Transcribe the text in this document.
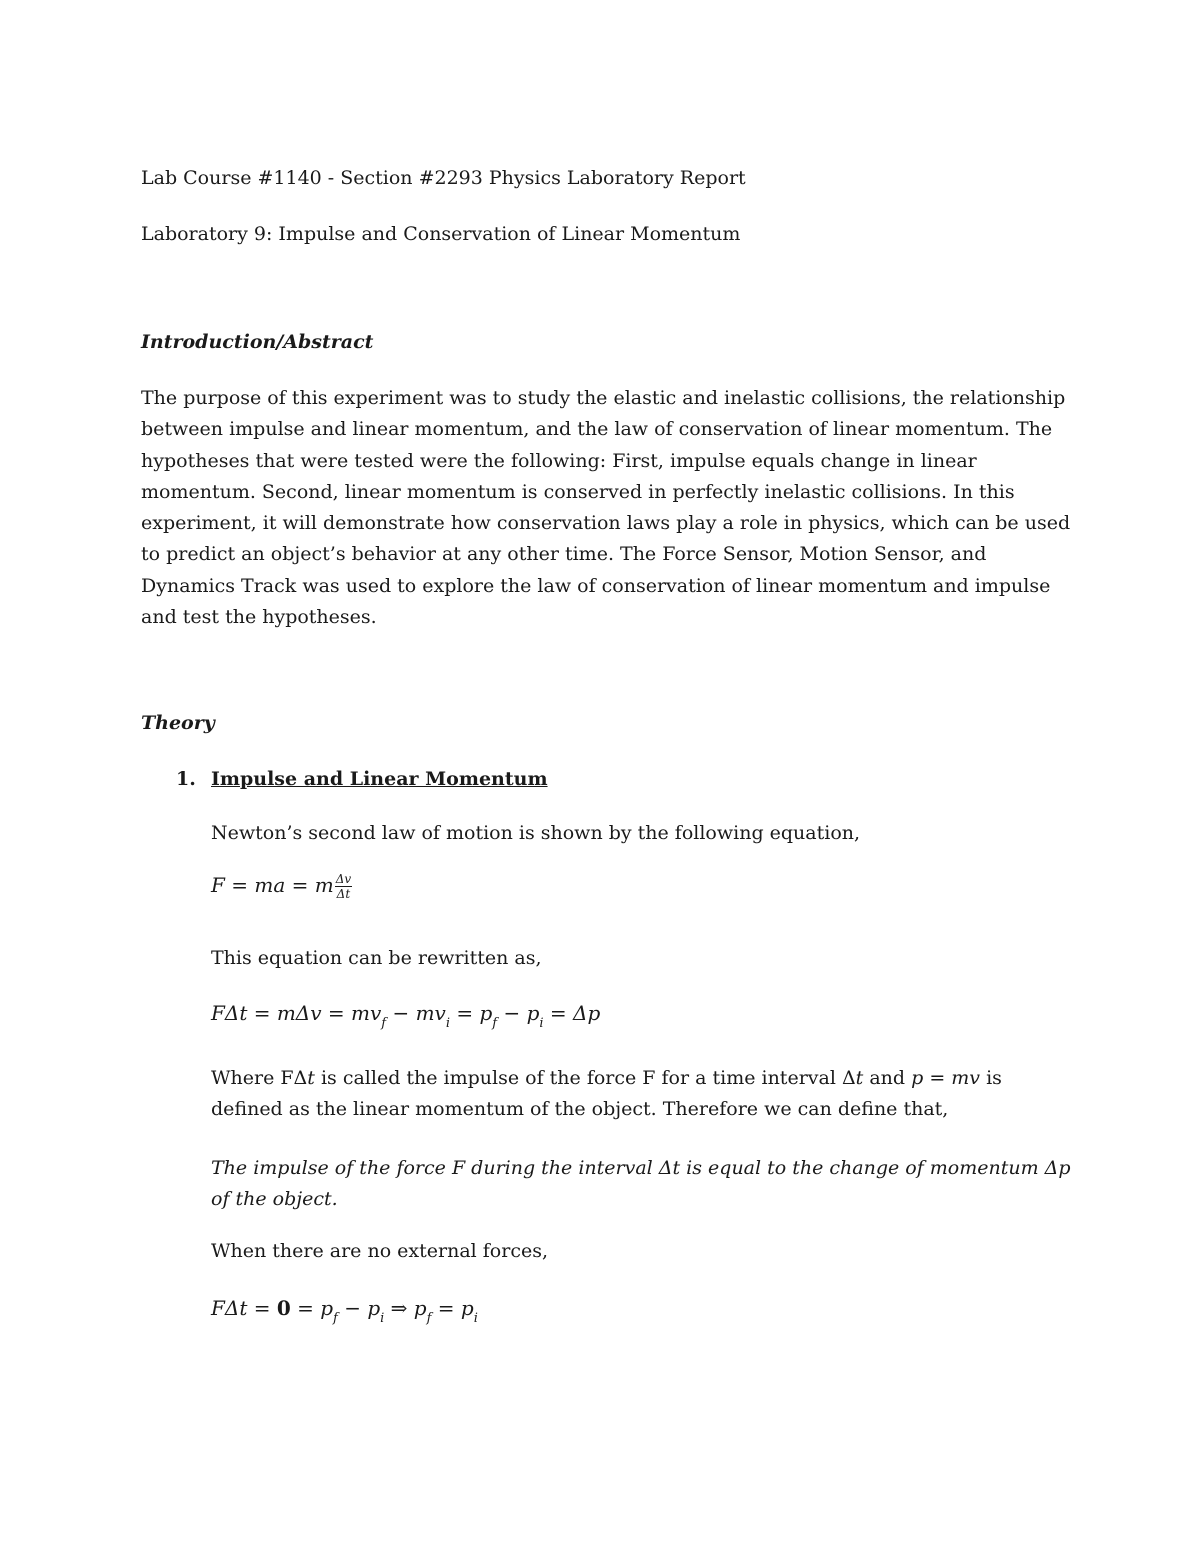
Lab Course #1140 - Section #2293 Physics Laboratory Report
Laboratory 9: Impulse and Conservation of Linear Momentum
Introduction/Abstract
The purpose of this experiment was to study the elastic and inelastic collisions, the relationship
between impulse and linear momentum, and the law of conservation of linear momentum. The
hypotheses that were tested were the following: First, impulse equals change in linear
momentum. Second, linear momentum is conserved in perfectly inelastic collisions. In this
experiment, it will demonstrate how conservation laws play a role in physics, which can be used
to predict an object’s behavior at any other time. The Force Sensor, Motion Sensor, and
Dynamics Track was used to explore the law of conservation of linear momentum and impulse
and test the hypotheses.
Theory
1. Impulse and Linear Momentum
Newton’s second law of motion is shown by the following equation,
F = ma = m $\frac{\Delta v}{\Delta t}$
This equation can be rewritten as,
$F\Delta t = m\Delta v = mv_f - mv_i = p_f - p_i = \Delta p$
Where FΔt is called the impulse of the force F for a time interval Δt and p = mv is
defined as the linear momentum of the object. Therefore we can define that,
The impulse of the force F during the interval Δt is equal to the change of momentum Δp
of the object.
When there are no external forces,
$F\Delta t = 0 = p_f - p_i$ ⇒ $p_f = p_i$
